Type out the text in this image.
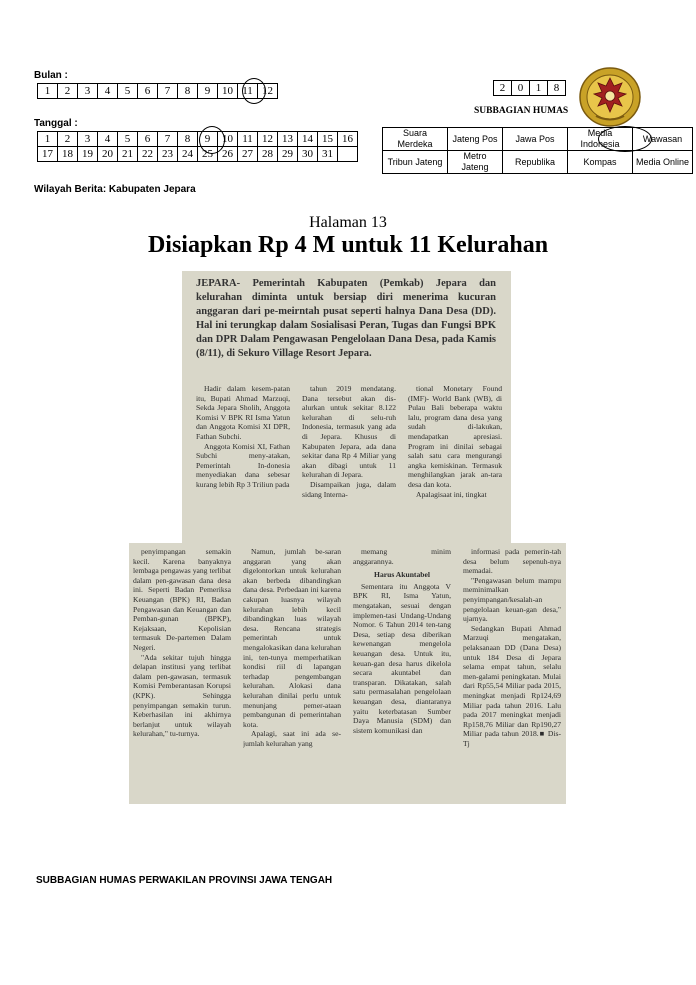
Bulan :
1	2	3	4	5	6	7	8	9	10	11	12
Tanggal :
1	2	3	4	5	6	7	8	9	10	11	12	13	14	15	16
17	18	19	20	21	22	23	24	25	26	27	28	29	30	31	
Wilayah Berita: Kabupaten Jepara
2	0	1	8
SUBBAGIAN HUMAS
Suara Merdeka	Jateng Pos	Jawa Pos	Media Indonesia	Wawasan
Tribun Jateng	Metro Jateng	Republika	Kompas	Media Online
Halaman 13
Disiapkan Rp 4 M untuk 11 Kelurahan
JEPARA- Pemerintah Kabupaten (Pemkab) Jepara dan kelurahan diminta untuk bersiap diri menerima kucuran anggaran dari pe-meirntah pusat seperti halnya Dana Desa (DD). Hal ini terungkap dalam Sosialisasi Peran, Tugas dan Fungsi BPK dan DPR Dalam Pengawasan Pengelolaan Dana Desa, pada Kamis (8/11), di Sekuro Village Resort Jepara.

Hadir dalam kesem-patan itu, Bupati Ahmad Marzuqi, Sekda Jepara Sholih, Anggota Komisi V BPK RI Isma Yatun dan Anggota Komisi XI DPR, Fathan Subchi.

Anggota Komisi XI, Fathan Subchi meny-atakan, Pemerintah In-donesia menyediakan dana sebesar kurang lebih Rp 3 Triliun pada

tahun 2019 mendatang. Dana tersebut akan dis-alurkan untuk sekitar 8.122 kelurahan di selu-ruh Indonesia, termasuk yang ada di Jepara. Khusus di Kabupaten Jepara, ada dana sekitar dana Rp 4 Miliar yang akan dibagi untuk 11 kelurahan di Jepara.

Disampaikan juga, dalam sidang Interna-

tional Monetary Found (IMF)- World Bank (WB), di Pulau Bali beberapa waktu lalu, program dana desa yang sudah di-lakukan, mendapatkan apresiasi. Program ini dinilai sebagai salah satu cara mengurangi angka kemiskinan. Termasuk menghilangkan jarak an-tara desa dan kota.

Apalagisaat ini, tingkat

penyimpangan semakin kecil. Karena banyaknya lembaga pengawas yang terlibat dalam pen-gawasan dana desa ini. Seperti Badan Pemeriksa Keuangan (BPK) RI, Badan Pengawasan dan Keuangan dan Pemban-gunan (BPKP), Kejaksaan, Kepolisian termasuk De-partemen Dalam Negeri.

"Ada sekitar tujuh hingga delapan institusi yang terlibat dalam pen-gawasan, termasuk Komisi Pemberantasan Korupsi (KPK). Sehingga penyimpangan semakin turun. Keberhasilan ini akhirnya berlanjut untuk wilayah kelurahan," tu-turnya.

Namun, jumlah be-saran anggaran yang akan digelontorkan untuk kelurahan akan berbeda dibandingkan dana desa. Perbedaan ini karena cakupan luasnya wilayah kelurahan lebih kecil dibandingkan luas wilayah desa. Rencana strategis pemerintah untuk mengalokasikan dana kelurahan ini, ten-tunya memperhatikan kondisi riil di lapangan terhadap pengembangan kelurahan. Alokasi dana kelurahan dinilai perlu untuk menunjang pemer-ataan pembangunan di pemerintahan kota.

Apalagi, saat ini ada se-jumlah kelurahan yang

memang minim anggarannya.

Harus Akuntabel

Sementara itu Anggota V BPK RI, Isma Yatun, mengatakan, sesuai dengan implemen-tasi Undang-Undang Nomor. 6 Tahun 2014 ten-tang Desa, setiap desa diberikan kewenangan mengelola keuangan desa. Untuk itu, keuan-gan desa harus dikelola secara akuntabel dan transparan. Dikatakan, salah satu permasalahan pengelolaan keuangan desa, diantaranya yaitu keterbatasan Sumber Daya Manusia (SDM) dan sistem komunikasi dan

informasi pada pemerin-tah desa belum sepenuh-nya memadai.

"Pengawasan belum mampu meminimalkan penyimpangan/kesalah-an pengelolaan keuan-gan desa," ujarnya.

Sedangkan Bupati Ahmad Marzuqi mengatakan, pelaksanaan DD (Dana Desa) untuk 184 Desa di Jepara selama empat tahun, selalu men-galami peningkatan. Mulai dari Rp55,54 Miliar pada 2015, meningkat menjadi Rp124,69 Miliar pada tahun 2016. Lalu pada 2017 meningkat menjadi Rp158,76 Miliar dan Rp190,27 Miliar pada tahun 2018.■ Dis-Tj

SUBBAGIAN HUMAS PERWAKILAN PROVINSI JAWA TENGAH
